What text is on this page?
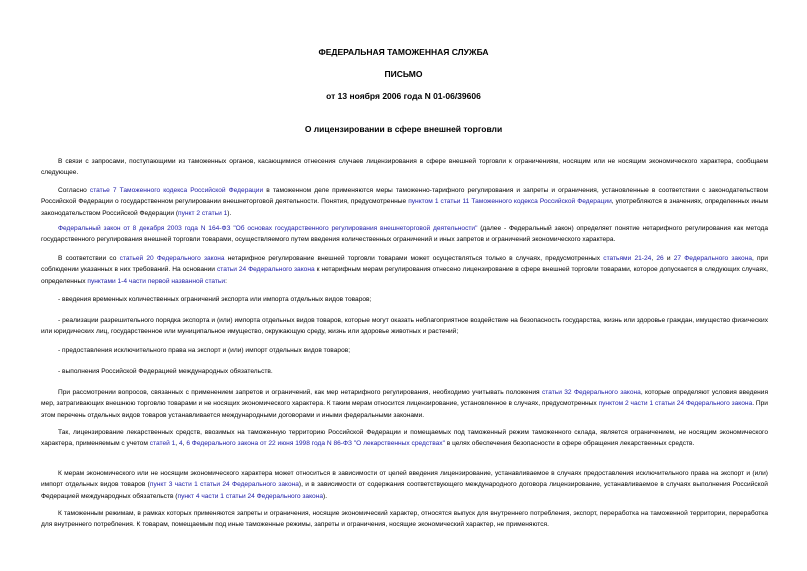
ФЕДЕРАЛЬНАЯ ТАМОЖЕННАЯ СЛУЖБА
ПИСЬМО
от 13 ноября 2006 года N 01-06/39606
О лицензировании в сфере внешней торговли

В связи с запросами, поступающими из таможенных органов, касающимися отнесения случаев лицензирования в сфере внешней торговли к ограничениям, носящим или не носящим экономического характера, сообщаем следующее.

Согласно статье 7 Таможенного кодекса Российской Федерации в таможенном деле применяются меры таможенно-тарифного регулирования и запреты и ограничения, установленные в соответствии с законодательством Российской Федерации о государственном регулировании внешнеторговой деятельности. Понятия, предусмотренные пунктом 1 статьи 11 Таможенного кодекса Российской Федерации, употребляются в значениях, определенных иным законодательством Российской Федерации (пункт 2 статьи 1).

Федеральный закон от 8 декабря 2003 года N 164-ФЗ "Об основах государственного регулирования внешнеторговой деятельности" (далее - Федеральный закон) определяет понятие нетарифного регулирования как метода государственного регулирования внешней торговли товарами, осуществляемого путем введения количественных ограничений и иных запретов и ограничений экономического характера.

В соответствии со статьей 20 Федерального закона нетарифное регулирование внешней торговли товарами может осуществляться только в случаях, предусмотренных статьями 21-24, 26 и 27 Федерального закона, при соблюдении указанных в них требований. На основании статьи 24 Федерального закона к нетарифным мерам регулирования отнесено лицензирование в сфере внешней торговли товарами, которое допускается в следующих случаях, определенных пунктами 1-4 части первой названной статьи:

- введения временных количественных ограничений экспорта или импорта отдельных видов товаров;

- реализации разрешительного порядка экспорта и (или) импорта отдельных видов товаров, которые могут оказать неблагоприятное воздействие на безопасность государства, жизнь или здоровье граждан, имущество физических или юридических лиц, государственное или муниципальное имущество, окружающую среду, жизнь или здоровье животных и растений;

- предоставления исключительного права на экспорт и (или) импорт отдельных видов товаров;

- выполнения Российской Федерацией международных обязательств.

При рассмотрении вопросов, связанных с применением запретов и ограничений, как мер нетарифного регулирования, необходимо учитывать положения статьи 32 Федерального закона, которые определяют условия введения мер, затрагивающих внешнюю торговлю товарами и не носящих экономического характера. К таким мерам относится лицензирование, установленное в случаях, предусмотренных пунктом 2 части 1 статьи 24 Федерального закона. При этом перечень отдельных видов товаров устанавливается международными договорами и иными федеральными законами.

Так, лицензирование лекарственных средств, ввозимых на таможенную территорию Российской Федерации и помещаемых под таможенный режим таможенного склада, является ограничением, не носящим экономического характера, применяемым с учетом статей 1, 4, 6 Федерального закона от 22 июня 1998 года N 86-ФЗ "О лекарственных средствах" в целях обеспечения безопасности в сфере обращения лекарственных средств.

К мерам экономического или не носящим экономического характера может относиться в зависимости от целей введения лицензирование, устанавливаемое в случаях предоставления исключительного права на экспорт и (или) импорт отдельных видов товаров (пункт 3 части 1 статьи 24 Федерального закона), и в зависимости от содержания соответствующего международного договора лицензирование, устанавливаемое в случаях выполнения Российской Федерацией международных обязательств (пункт 4 части 1 статьи 24 Федерального закона).

К таможенным режимам, в рамках которых применяются запреты и ограничения, носящие экономический характер, относятся выпуск для внутреннего потребления, экспорт, переработка на таможенной территории, переработка для внутреннего потребления. К товарам, помещаемым под иные таможенные режимы, запреты и ограничения, носящие экономический характер, не применяются.
